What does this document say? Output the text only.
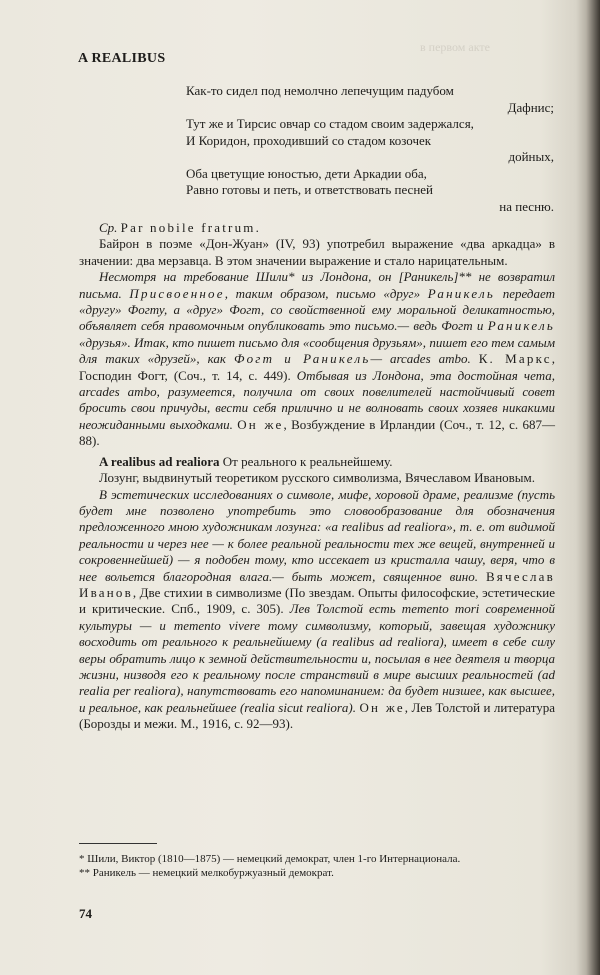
в первом акте
A REALIBUS
Как-то сидел под немолчно лепечущим падубом
Дафнис;
Тут же и Тирсис овчар со стадом своим задержался,
И Коридон, проходивший со стадом козочек
дойных,
Оба цветущие юностью, дети Аркадии оба,
Равно готовы и петь, и ответствовать песней
на песню.

Ср. Par nobile fratrum.

Байрон в поэме «Дон-Жуан» (IV, 93) употребил выражение «два аркадца» в значении: два мерзавца. В этом значении выражение и стало нарицательным.

Несмотря на требование Шили* из Лондона, он [Раникель]** не возвратил письма. Присвоенное, таким образом, письмо «друг» Раникель передает «другу» Фогту, а «друг» Фогт, со свойственной ему моральной деликатностью, объявляет себя правомочным опубликовать это письмо.— ведь Фогт и Раникель «друзья». Итак, кто пишет письмо для «сообщения друзьям», пишет его тем самым для таких «друзей», как Фогт и Раникель— arcades ambo. К. Маркс, Господин Фогт, (Соч., т. 14, с. 449). Отбывая из Лондона, эта достойная чета, arcades ambo, разумеется, получила от своих повелителей настойчивый совет бросить свои причуды, вести себя прилично и не волновать своих хозяев никакими неожиданными выходками. Он же, Возбуждение в Ирландии (Соч., т. 12, с. 687—88).

A realibus ad realiora От реального к реальнейшему.

Лозунг, выдвинутый теоретиком русского символизма, Вячеславом Ивановым.

В эстетических исследованиях о символе, мифе, хоровой драме, реализме (пусть будет мне позволено употребить это словообразование для обозначения предложенного мною художникам лозунга: «a realibus ad realiora», т. е. от видимой реальности и через нее — к более реальной реальности тех же вещей, внутренней и сокровеннейшей) — я подобен тому, кто иссекает из кристалла чашу, веря, что в нее вольется благородная влага.— быть может, священное вино. Вячеслав Иванов, Две стихии в символизме (По звездам. Опыты философские, эстетические и критические. Спб., 1909, с. 305). Лев Толстой есть memento mori современной культуры — и memento vivere тому символизму, который, завещая художнику восходить от реального к реальнейшему (a realibus ad realiora), имеет в себе силу веры обратить лицо к земной действительности и, посылая в нее деятеля и творца жизни, низводя его к реальному после странствий в мире высших реальностей (ad realia per realiora), напутствовать его напоминанием: да будет низшее, как высшее, и реальное, как реальнейшее (realia sicut realiora). Он же, Лев Толстой и литература (Борозды и межи. М., 1916, с. 92—93).

* Шили, Виктор (1810—1875) — немецкий демократ, член 1-го Интернационала.

** Раникель — немецкий мелкобуржуазный демократ.

74
